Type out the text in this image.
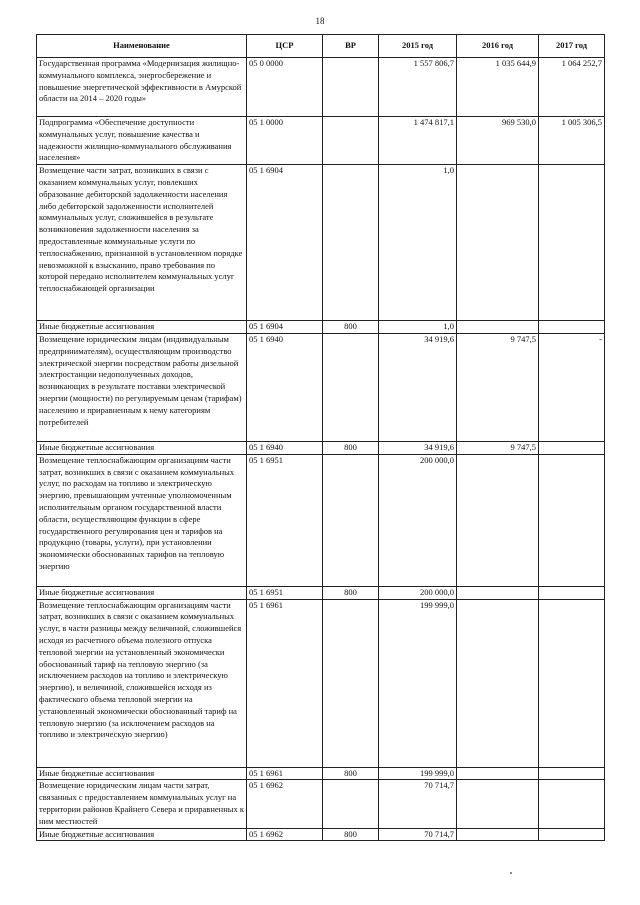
18
Наименование	ЦСР	ВР	2015 год	2016 год	2017 год
Государственная программа «Модернизация жилищно-коммунального комплекса, энергосбережение и повышение энергетической эффективности в Амурской области на 2014 – 2020 годы»	05 0 0000		1 557 806,7	1 035 644,9	1 064 252,7
Подпрограмма «Обеспечение доступности коммунальных услуг, повышение качества и надежности жилищно-коммунального обслуживания населения»	05 1 0000		1 474 817,1	969 530,0	1 005 306,5
Возмещение части затрат, возникших в связи с оказанием коммунальных услуг, повлекших образование дебиторской задолженности населения либо дебиторской задолженности исполнителей коммунальных услуг, сложившейся в результате возникновения задолженности населения за предоставленные коммунальные услуги по теплоснабжению, признанной в установленном порядке невозможной к взысканию, право требования по которой передано исполнителем коммунальных услуг теплоснабжающей организации	05 1 6904		1,0		
Иные бюджетные ассигнования	05 1 6904	800	1,0		
Возмещение юридическим лицам (индивидуальным предпринимателям), осуществляющим производство электрической энергии посредством работы дизельной электростанции недополученных доходов, возникающих в результате поставки электрической энергии (мощности) по регулируемым ценам (тарифам) населению и приравненным к нему категориям потребителей	05 1 6940		34 919,6	9 747,5	-
Иные бюджетные ассигнования	05 1 6940	800	34 919,6	9 747,5	
Возмещение теплоснабжающим организациям части затрат, возникших в связи с оказанием коммунальных услуг, по расходам на топливо и электрическую энергию, превышающим учтенные уполномоченным исполнительным органом государственной власти области, осуществляющим функции в сфере государственного регулирования цен и тарифов на продукцию (товары, услуги), при установлении экономически обоснованных тарифов на тепловую энергию	05 1 6951		200 000,0		
Иные бюджетные ассигнования	05 1 6951	800	200 000,0		
Возмещение теплоснабжающим организациям части затрат, возникших в связи с оказанием коммунальных услуг, в части разницы между величиной, сложившейся исходя из расчетного объема полезного отпуска тепловой энергии на установленный экономически обоснованный тариф на тепловую энергию (за исключением расходов на топливо и электрическую энергию), и величиной, сложившейся исходя из фактического объема тепловой энергии на установленный экономически обоснованный тариф на тепловую энергию (за исключением расходов на топливо и электрическую энергию)	05 1 6961		199 999,0		
Иные бюджетные ассигнования	05 1 6961	800	199 999,0		
Возмещение юридическим лицам части затрат, связанных с предоставлением коммунальных услуг на территории районов Крайнего Севера и приравненных к ним местностей	05 1 6962		70 714,7		
Иные бюджетные ассигнования	05 1 6962	800	70 714,7		
